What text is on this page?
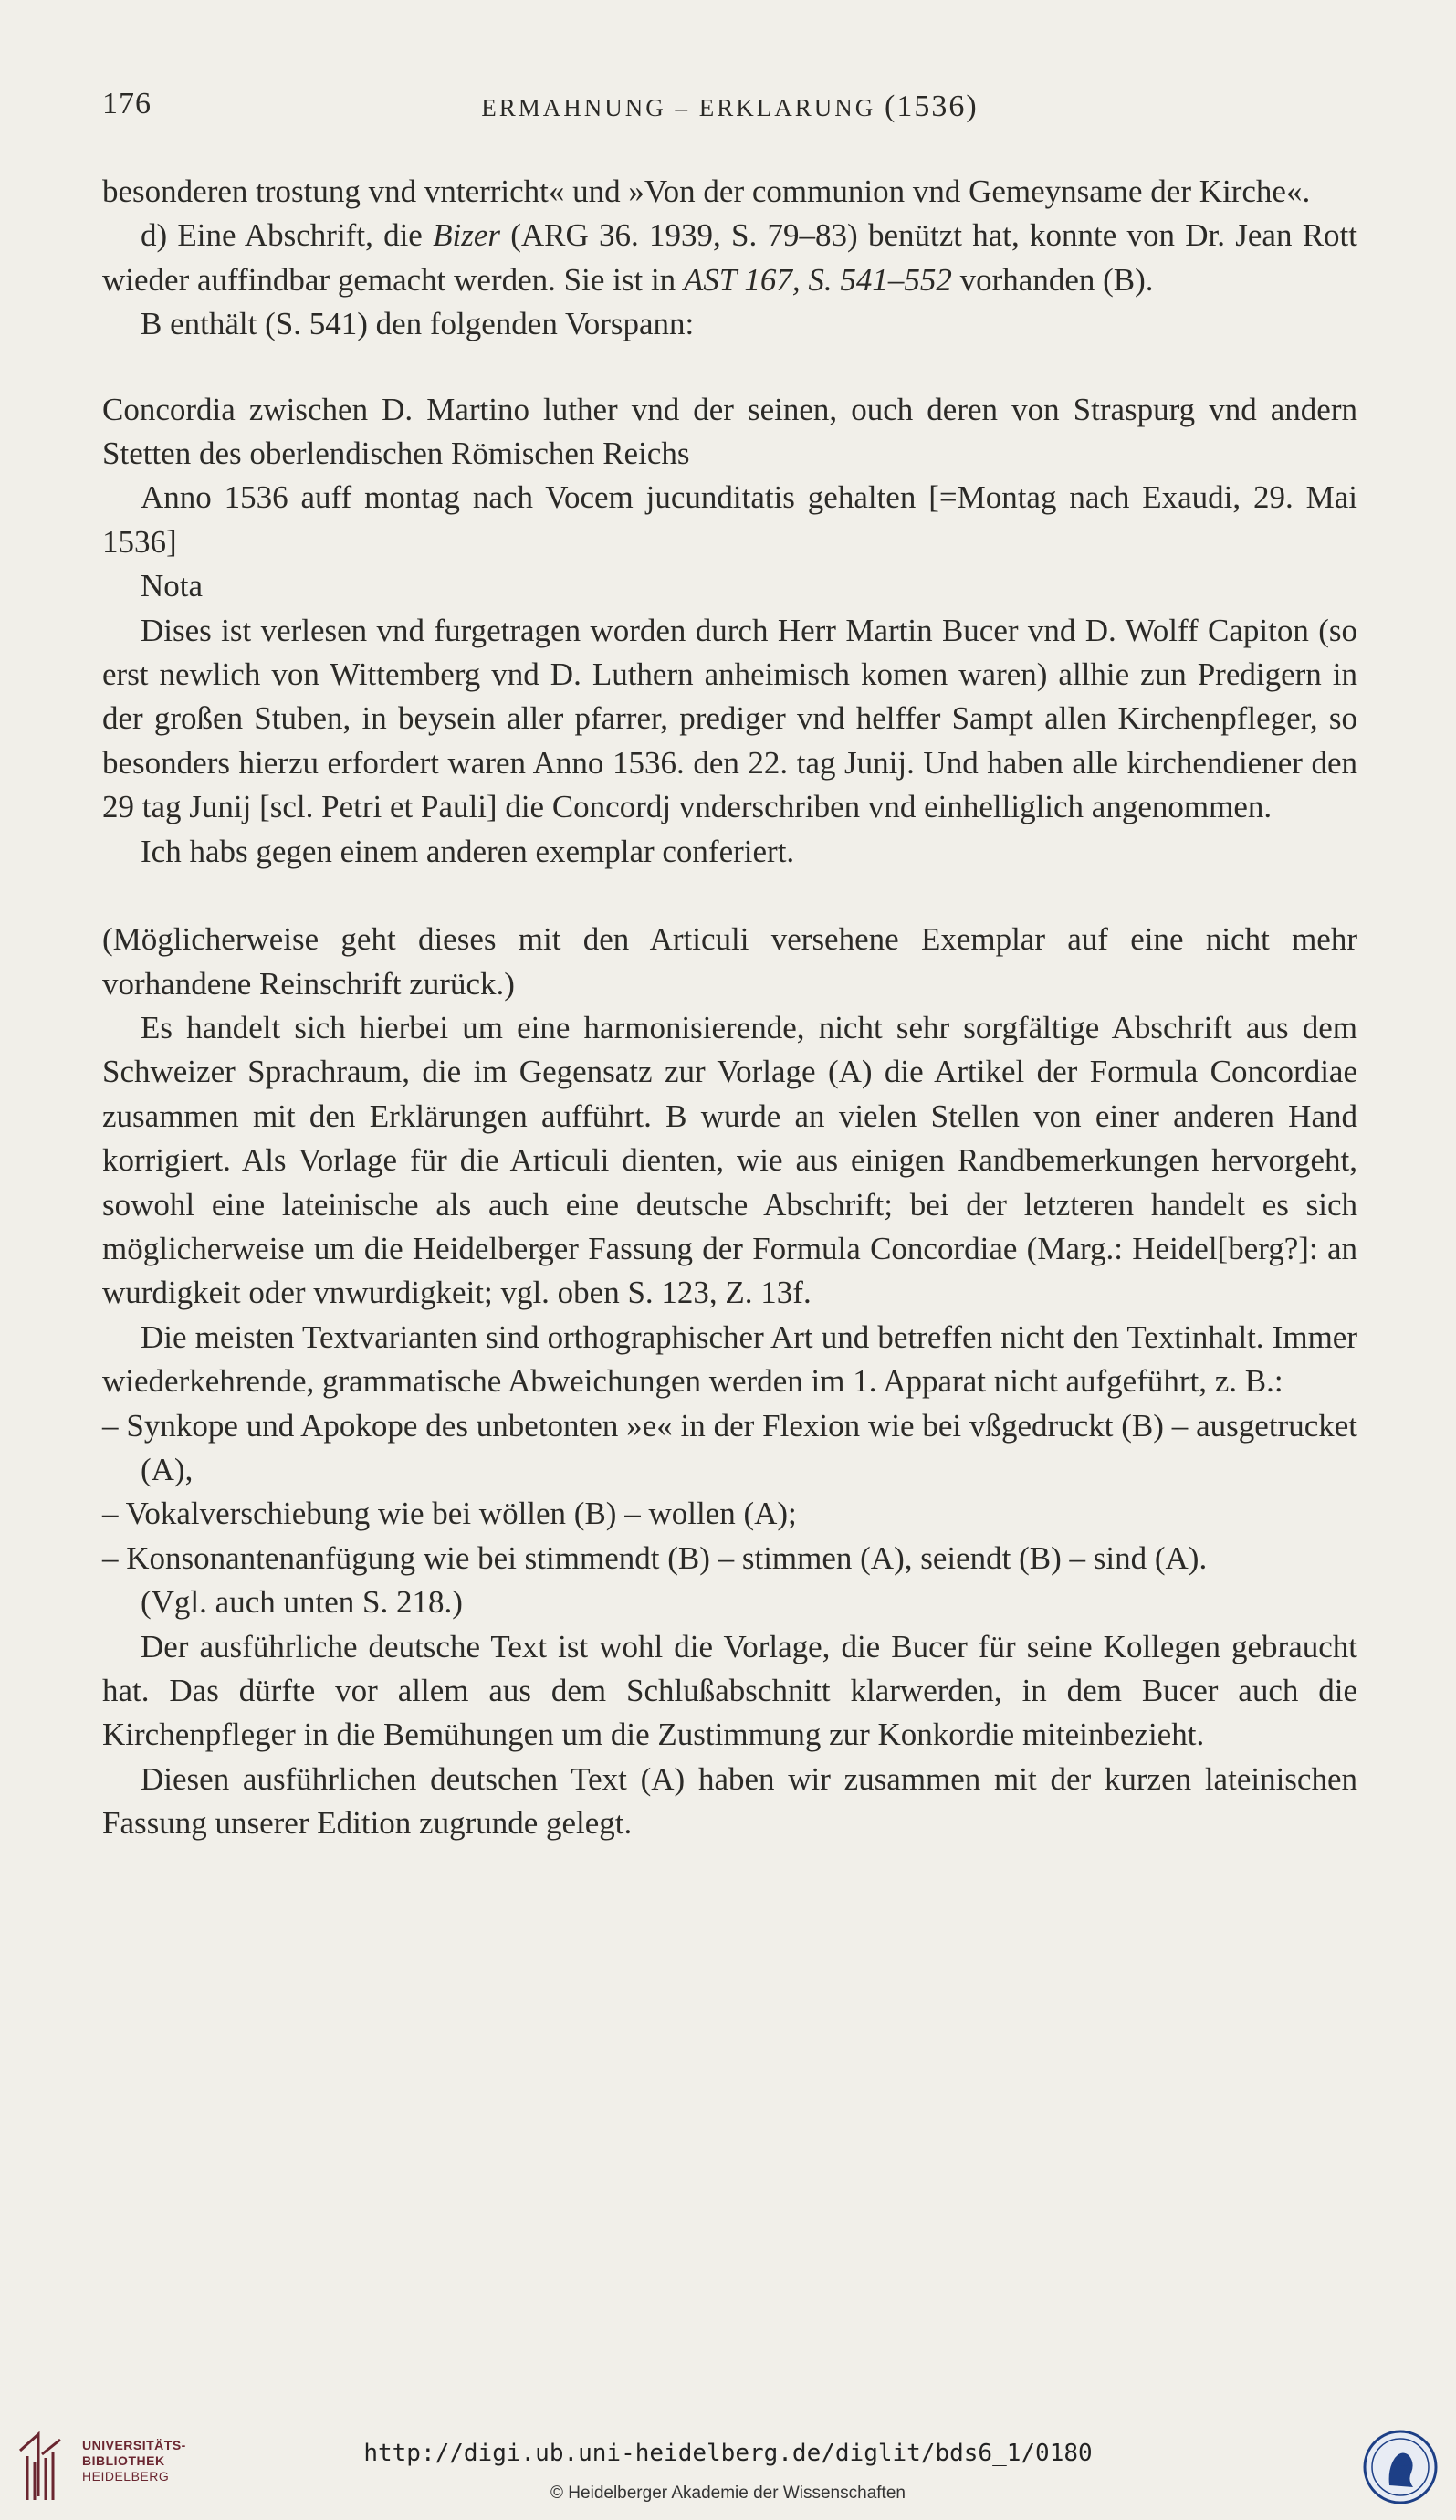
176	ERMAHNUNG – ERKLARUNG (1536)

besonderen trostung vnd vnterricht« und »Von der communion vnd Gemeynsame der Kirche«.

d) Eine Abschrift, die Bizer (ARG 36. 1939, S. 79–83) benützt hat, konnte von Dr. Jean Rott wieder auffindbar gemacht werden. Sie ist in AST 167, S. 541–552 vorhanden (B).

B enthält (S. 541) den folgenden Vorspann:

Concordia zwischen D. Martino luther vnd der seinen, ouch deren von Straspurg vnd andern Stetten des oberlendischen Römischen Reichs

Anno 1536 auff montag nach Vocem jucunditatis gehalten [=Montag nach Exaudi, 29. Mai 1536]

Nota

Dises ist verlesen vnd furgetragen worden durch Herr Martin Bucer vnd D. Wolff Capiton (so erst newlich von Wittemberg vnd D. Luthern anheimisch komen waren) allhie zun Predigern in der großen Stuben, in beysein aller pfarrer, prediger vnd helffer Sampt allen Kirchenpfleger, so besonders hierzu erfordert waren Anno 1536. den 22. tag Junij. Und haben alle kirchendiener den 29 tag Junij [scl. Petri et Pauli] die Concordj vnderschriben vnd einhelliglich angenommen.

Ich habs gegen einem anderen exemplar conferiert.

(Möglicherweise geht dieses mit den Articuli versehene Exemplar auf eine nicht mehr vorhandene Reinschrift zurück.)

Es handelt sich hierbei um eine harmonisierende, nicht sehr sorgfältige Abschrift aus dem Schweizer Sprachraum, die im Gegensatz zur Vorlage (A) die Artikel der Formula Concordiae zusammen mit den Erklärungen aufführt. B wurde an vielen Stellen von einer anderen Hand korrigiert. Als Vorlage für die Articuli dienten, wie aus einigen Randbemerkungen hervorgeht, sowohl eine lateinische als auch eine deutsche Abschrift; bei der letzteren handelt es sich möglicherweise um die Heidelberger Fassung der Formula Concordiae (Marg.: Heidel[berg?]: an wurdigkeit oder vnwurdigkeit; vgl. oben S. 123, Z. 13f.

Die meisten Textvarianten sind orthographischer Art und betreffen nicht den Textinhalt. Immer wiederkehrende, grammatische Abweichungen werden im 1. Apparat nicht aufgeführt, z. B.:

– Synkope und Apokope des unbetonten »e« in der Flexion wie bei vßgedruckt (B) – ausgetrucket (A),

– Vokalverschiebung wie bei wöllen (B) – wollen (A);

– Konsonantenanfügung wie bei stimmendt (B) – stimmen (A), seiendt (B) – sind (A).

(Vgl. auch unten S. 218.)

Der ausführliche deutsche Text ist wohl die Vorlage, die Bucer für seine Kollegen gebraucht hat. Das dürfte vor allem aus dem Schlußabschnitt klarwerden, in dem Bucer auch die Kirchenpfleger in die Bemühungen um die Zustimmung zur Konkordie miteinbezieht.

Diesen ausführlichen deutschen Text (A) haben wir zusammen mit der kurzen lateinischen Fassung unserer Edition zugrunde gelegt.

UNIVERSITÄTS-
BIBLIOTHEK
HEIDELBERG
http://digi.ub.uni-heidelberg.de/diglit/bds6_1/0180
© Heidelberger Akademie der Wissenschaften
